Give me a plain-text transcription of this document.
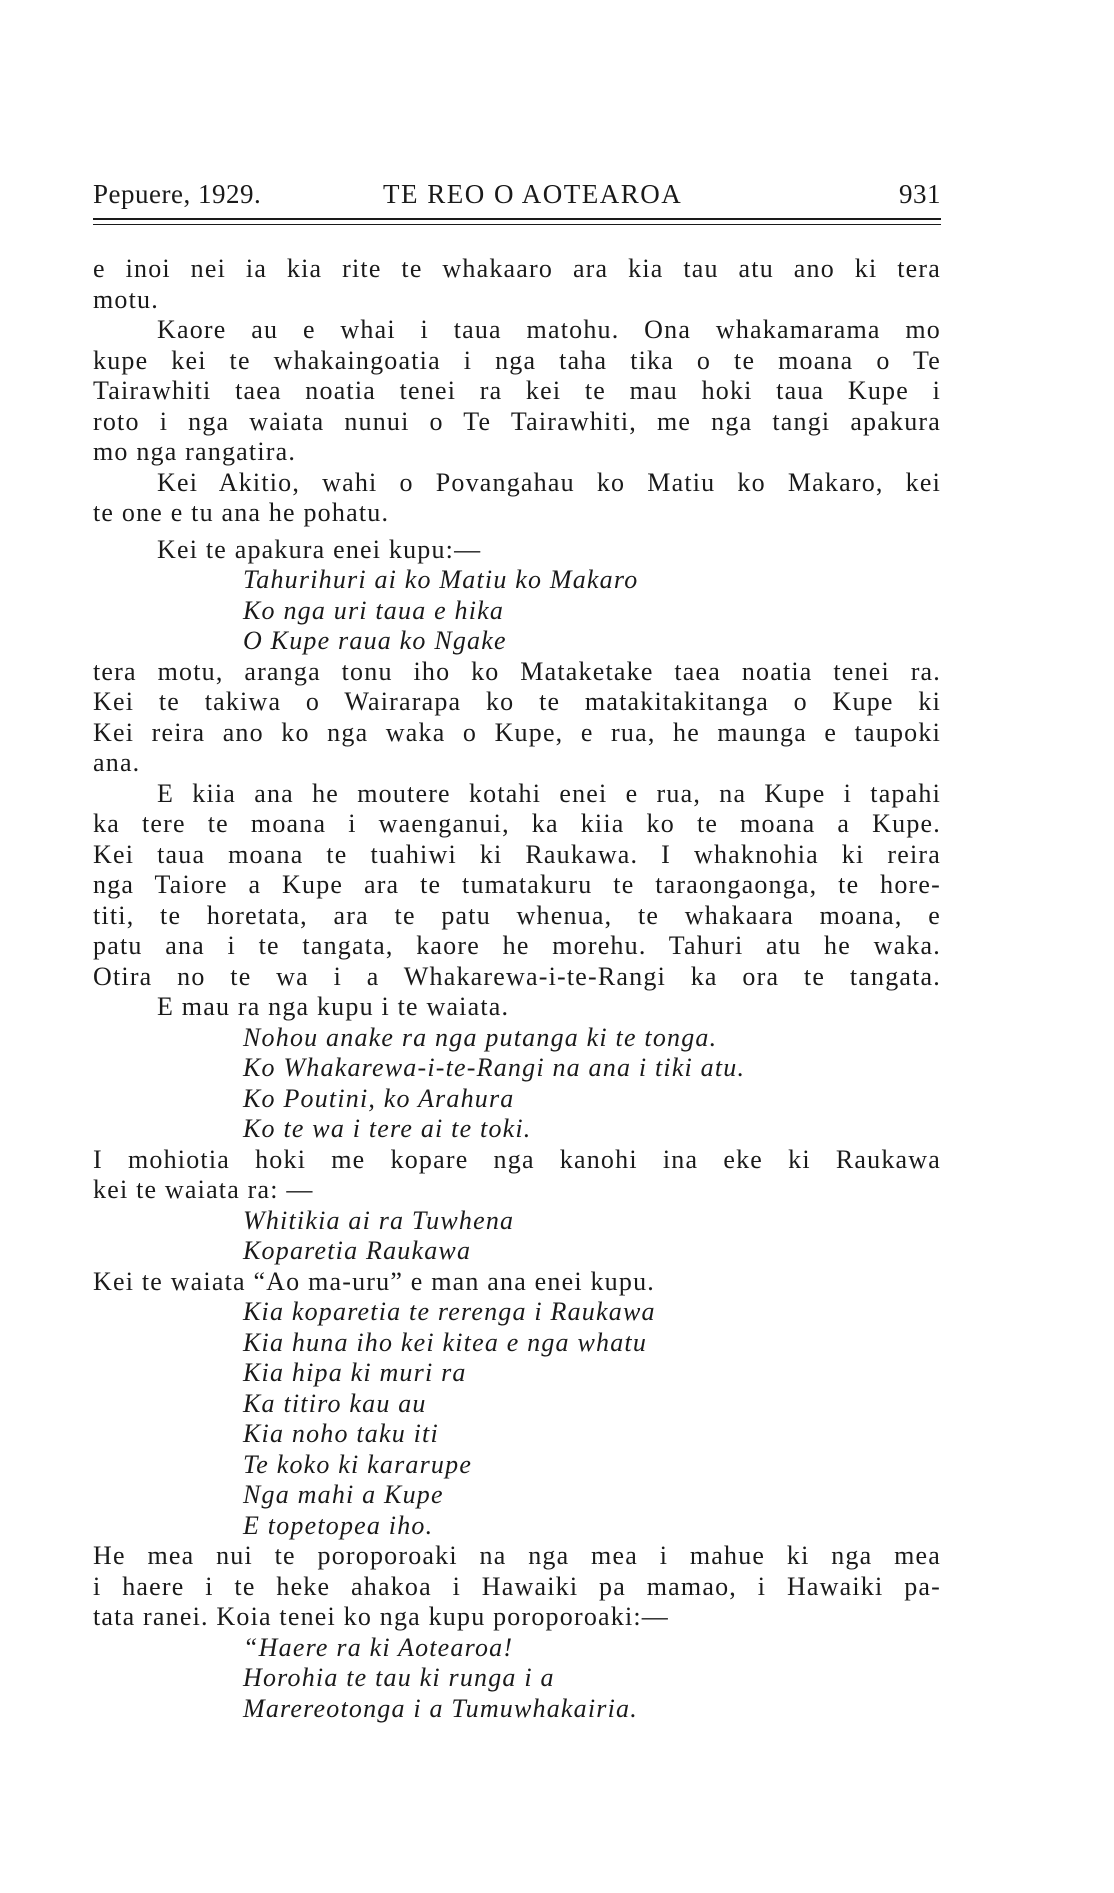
Pepuere, 1929.	TE REO O AOTEAROA	931
e inoi nei ia kia rite te whakaaro ara kia tau atu ano ki tera
motu.
Kaore au e whai i taua matohu. Ona whakamarama mo
kupe kei te whakaingoatia i nga taha tika o te moana o Te
Tairawhiti taea noatia tenei ra kei te mau hoki taua Kupe i
roto i nga waiata nunui o Te Tairawhiti, me nga tangi apakura
mo nga rangatira.
Kei Akitio, wahi o Povangahau ko Matiu ko Makaro, kei
te one e tu ana he pohatu.
Kei te apakura enei kupu:—
Tahurihuri ai ko Matiu ko Makaro
Ko nga uri taua e hika
O Kupe raua ko Ngake
tera motu, aranga tonu iho ko Mataketake taea noatia tenei ra.
Kei te takiwa o Wairarapa ko te matakitakitanga o Kupe ki
Kei reira ano ko nga waka o Kupe, e rua, he maunga e taupoki
ana.
E kiia ana he moutere kotahi enei e rua, na Kupe i tapahi
ka tere te moana i waenganui, ka kiia ko te moana a Kupe.
Kei taua moana te tuahiwi ki Raukawa. I whaknohia ki reira
nga Taiore a Kupe ara te tumatakuru te taraongaonga, te hore-
titi, te horetata, ara te patu whenua, te whakaara moana, e
patu ana i te tangata, kaore he morehu. Tahuri atu he waka.
Otira no te wa i a Whakarewa-i-te-Rangi ka ora te tangata.
E mau ra nga kupu i te waiata.
Nohou anake ra nga putanga ki te tonga.
Ko Whakarewa-i-te-Rangi na ana i tiki atu.
Ko Poutini, ko Arahura
Ko te wa i tere ai te toki.
I mohiotia hoki me kopare nga kanohi ina eke ki Raukawa
kei te waiata ra: —
Whitikia ai ra Tuwhena
Koparetia Raukawa
Kei te waiata “Ao ma-uru” e man ana enei kupu.
Kia koparetia te rerenga i Raukawa
Kia huna iho kei kitea e nga whatu
Kia hipa ki muri ra
Ka titiro kau au
Kia noho taku iti
Te koko ki kararupe
Nga mahi a Kupe
E topetopea iho.
He mea nui te poroporoaki na nga mea i mahue ki nga mea
i haere i te heke ahakoa i Hawaiki pa mamao, i Hawaiki pa-
tata ranei. Koia tenei ko nga kupu poroporoaki:—
“Haere ra ki Aotearoa!
Horohia te tau ki runga i a
Marereotonga i a Tumuwhakairia.
